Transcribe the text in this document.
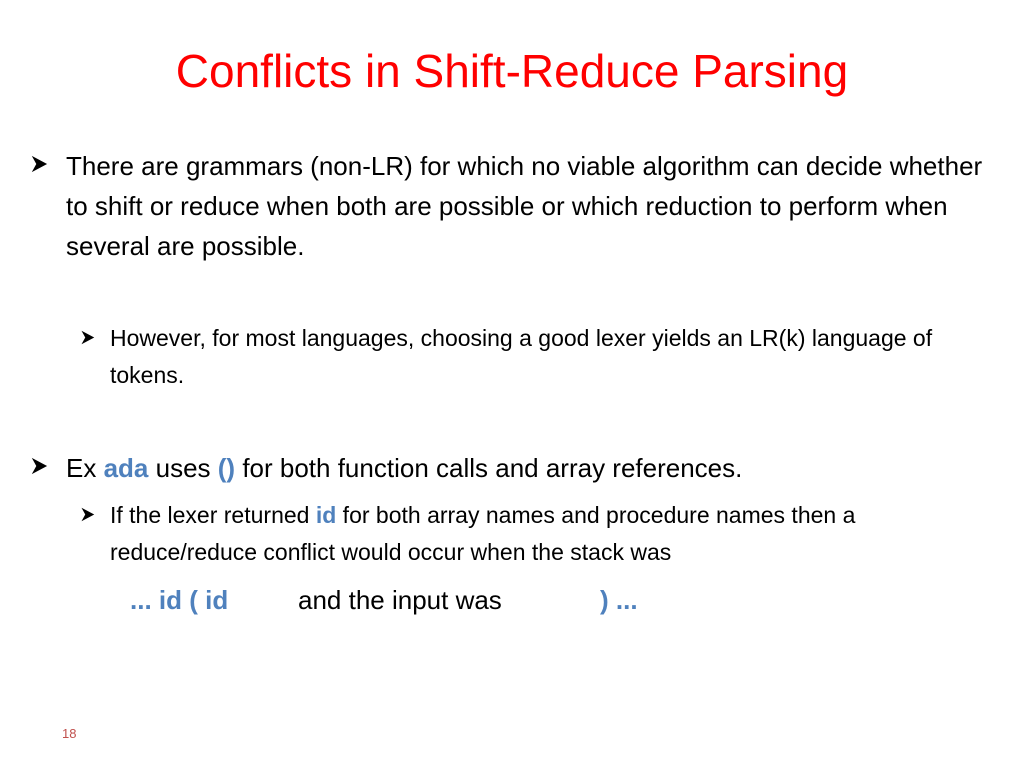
Conflicts in Shift-Reduce Parsing
There are grammars (non-LR) for which no viable algorithm can decide whether to shift or reduce when both are possible or which reduction to perform when several are possible.
However, for most languages, choosing a good lexer yields an LR(k) language of tokens.
Ex ada uses () for both function calls and array references.
If the lexer returned id for both array names and procedure names then a reduce/reduce conflict would occur when the stack was
... id ( id	and the input was	) ...
18
